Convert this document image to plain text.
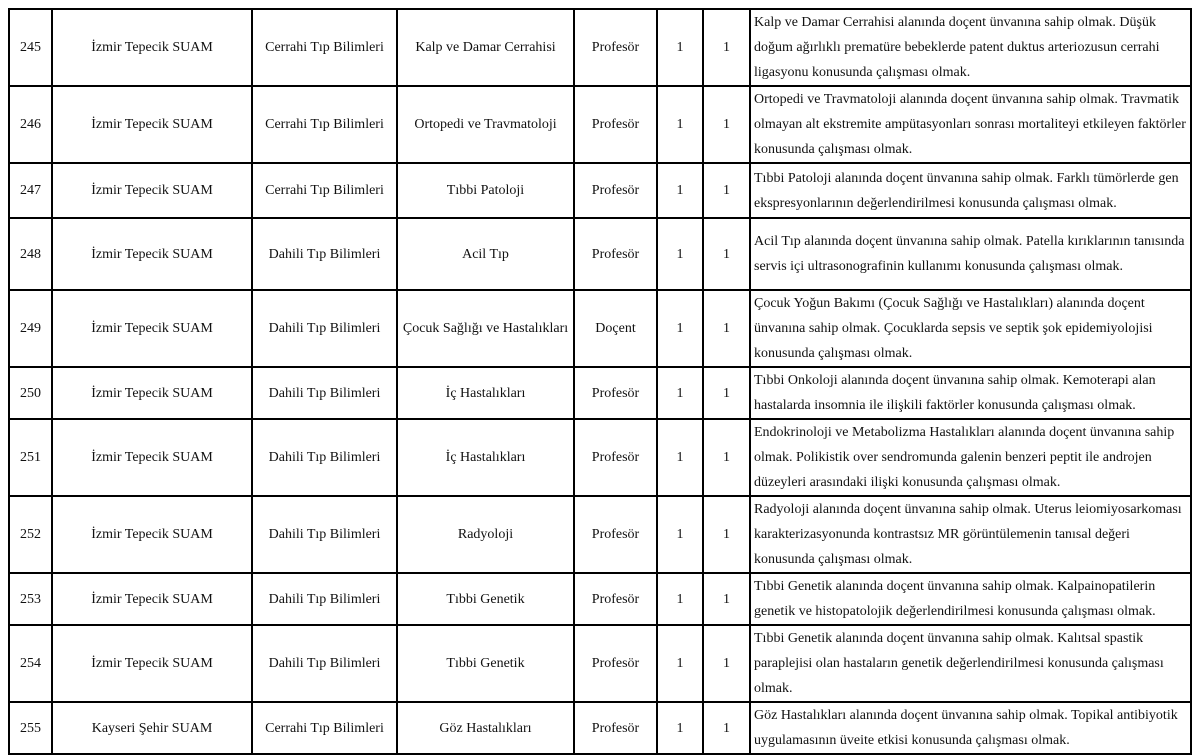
245	İzmir Tepecik SUAM	Cerrahi Tıp Bilimleri	Kalp ve Damar Cerrahisi	Profesör	1	1	Kalp ve Damar Cerrahisi alanında doçent ünvanına sahip olmak. Düşük doğum ağırlıklı prematüre bebeklerde patent duktus arteriozusun cerrahi ligasyonu konusunda çalışması olmak.
246	İzmir Tepecik SUAM	Cerrahi Tıp Bilimleri	Ortopedi ve Travmatoloji	Profesör	1	1	Ortopedi ve Travmatoloji alanında doçent ünvanına sahip olmak. Travmatik olmayan alt ekstremite ampütasyonları sonrası mortaliteyi etkileyen faktörler konusunda çalışması olmak.
247	İzmir Tepecik SUAM	Cerrahi Tıp Bilimleri	Tıbbi Patoloji	Profesör	1	1	Tıbbi Patoloji alanında doçent ünvanına sahip olmak. Farklı tümörlerde gen ekspresyonlarının değerlendirilmesi konusunda çalışması olmak.
248	İzmir Tepecik SUAM	Dahili Tıp Bilimleri	Acil Tıp	Profesör	1	1	Acil Tıp alanında doçent ünvanına sahip olmak. Patella kırıklarının tanısında servis içi ultrasonografinin kullanımı konusunda çalışması olmak.
249	İzmir Tepecik SUAM	Dahili Tıp Bilimleri	Çocuk Sağlığı ve Hastalıkları	Doçent	1	1	Çocuk Yoğun Bakımı (Çocuk Sağlığı ve Hastalıkları) alanında doçent ünvanına sahip olmak. Çocuklarda sepsis ve septik şok epidemiyolojisi konusunda çalışması olmak.
250	İzmir Tepecik SUAM	Dahili Tıp Bilimleri	İç Hastalıkları	Profesör	1	1	Tıbbi Onkoloji alanında doçent ünvanına sahip olmak. Kemoterapi alan hastalarda insomnia ile ilişkili faktörler konusunda çalışması olmak.
251	İzmir Tepecik SUAM	Dahili Tıp Bilimleri	İç Hastalıkları	Profesör	1	1	Endokrinoloji ve Metabolizma Hastalıkları alanında doçent ünvanına sahip olmak. Polikistik over sendromunda galenin benzeri peptit ile androjen düzeyleri arasındaki ilişki konusunda çalışması olmak.
252	İzmir Tepecik SUAM	Dahili Tıp Bilimleri	Radyoloji	Profesör	1	1	Radyoloji alanında doçent ünvanına sahip olmak. Uterus leiomiyosarkoması karakterizasyonunda kontrastsız MR görüntülemenin tanısal değeri konusunda çalışması olmak.
253	İzmir Tepecik SUAM	Dahili Tıp Bilimleri	Tıbbi Genetik	Profesör	1	1	Tıbbi Genetik alanında doçent ünvanına sahip olmak. Kalpainopatilerin genetik ve histopatolojik değerlendirilmesi konusunda çalışması olmak.
254	İzmir Tepecik SUAM	Dahili Tıp Bilimleri	Tıbbi Genetik	Profesör	1	1	Tıbbi Genetik alanında doçent ünvanına sahip olmak. Kalıtsal spastik paraplejisi olan hastaların genetik değerlendirilmesi konusunda çalışması olmak.
255	Kayseri Şehir SUAM	Cerrahi Tıp Bilimleri	Göz Hastalıkları	Profesör	1	1	Göz Hastalıkları alanında doçent ünvanına sahip olmak. Topikal antibiyotik uygulamasının üveite etkisi konusunda çalışması olmak.
